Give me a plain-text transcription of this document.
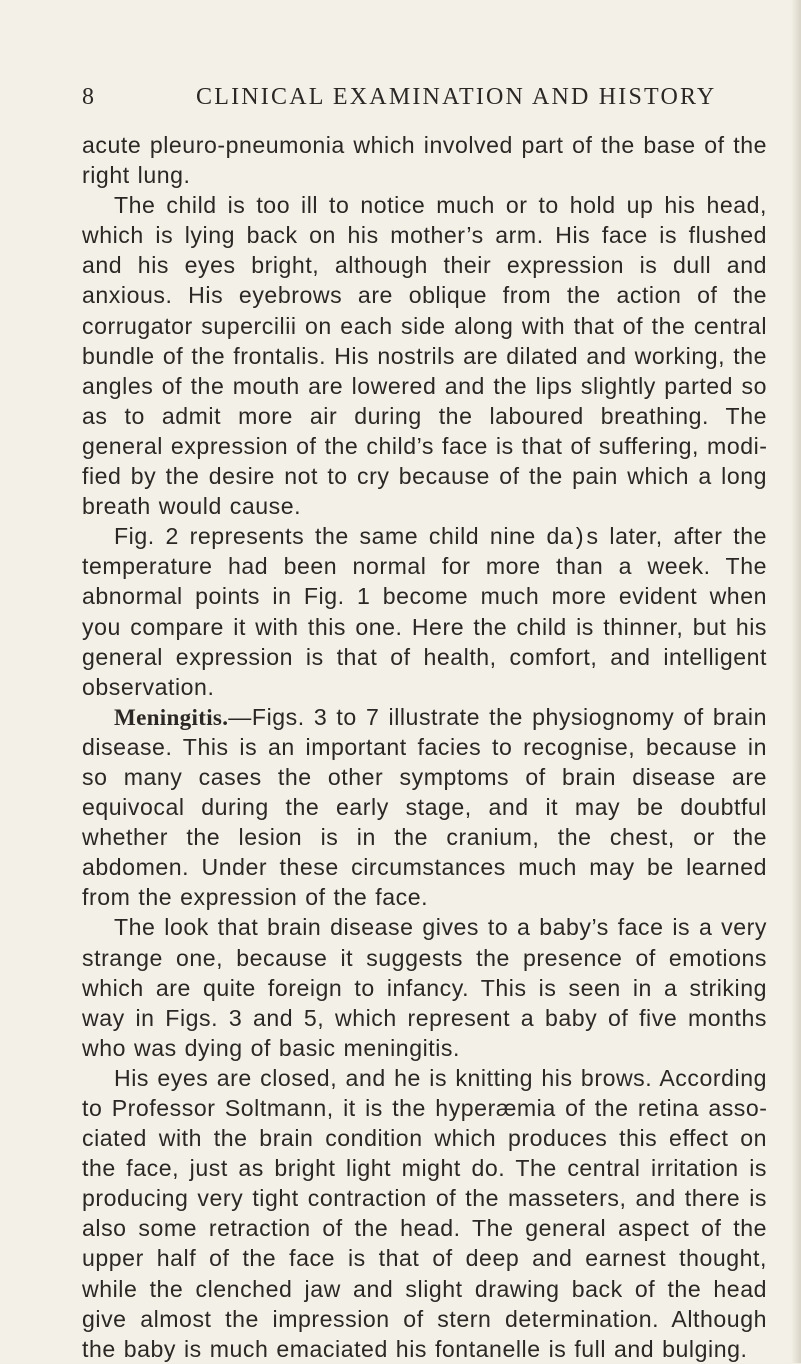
8	CLINICAL EXAMINATION AND HISTORY

acute pleuro-pneumonia which involved part of the base of the right lung.

The child is too ill to notice much or to hold up his head, which is lying back on his mother’s arm. His face is flushed and his eyes bright, although their expression is dull and anxious. His eyebrows are oblique from the action of the corrugator supercilii on each side along with that of the central bundle of the frontalis. His nostrils are dilated and working, the angles of the mouth are lowered and the lips slightly parted so as to admit more air during the laboured breathing. The general expression of the child’s face is that of suffering, modified by the desire not to cry because of the pain which a long breath would cause.

Fig. 2 represents the same child nine da ) s later, after the temperature had been normal for more than a week. The abnormal points in Fig. 1 become much more evident when you compare it with this one. Here the child is thinner, but his general expression is that of health, comfort, and intelligent observation.

Meningitis.—Figs. 3 to 7 illustrate the physiognomy of brain disease. This is an important facies to recognise, because in so many cases the other symptoms of brain disease are equivocal during the early stage, and it may be doubtful whether the lesion is in the cranium, the chest, or the abdomen. Under these circumstances much may be learned from the expression of the face.

The look that brain disease gives to a baby’s face is a very strange one, because it suggests the presence of emotions which are quite foreign to infancy. This is seen in a striking way in Figs. 3 and 5, which represent a baby of five months who was dying of basic meningitis.

His eyes are closed, and he is knitting his brows. According to Professor Soltmann, it is the hyperæmia of the retina associated with the brain condition which produces this effect on the face, just as bright light might do. The central irritation is producing very tight contraction of the masseters, and there is also some retraction of the head. The general aspect of the upper half of the face is that of deep and earnest thought, while the clenched jaw and slight drawing back of the head give almost the impression of stern determination. Although the baby is much emaciated his fontanelle is full and bulging.
